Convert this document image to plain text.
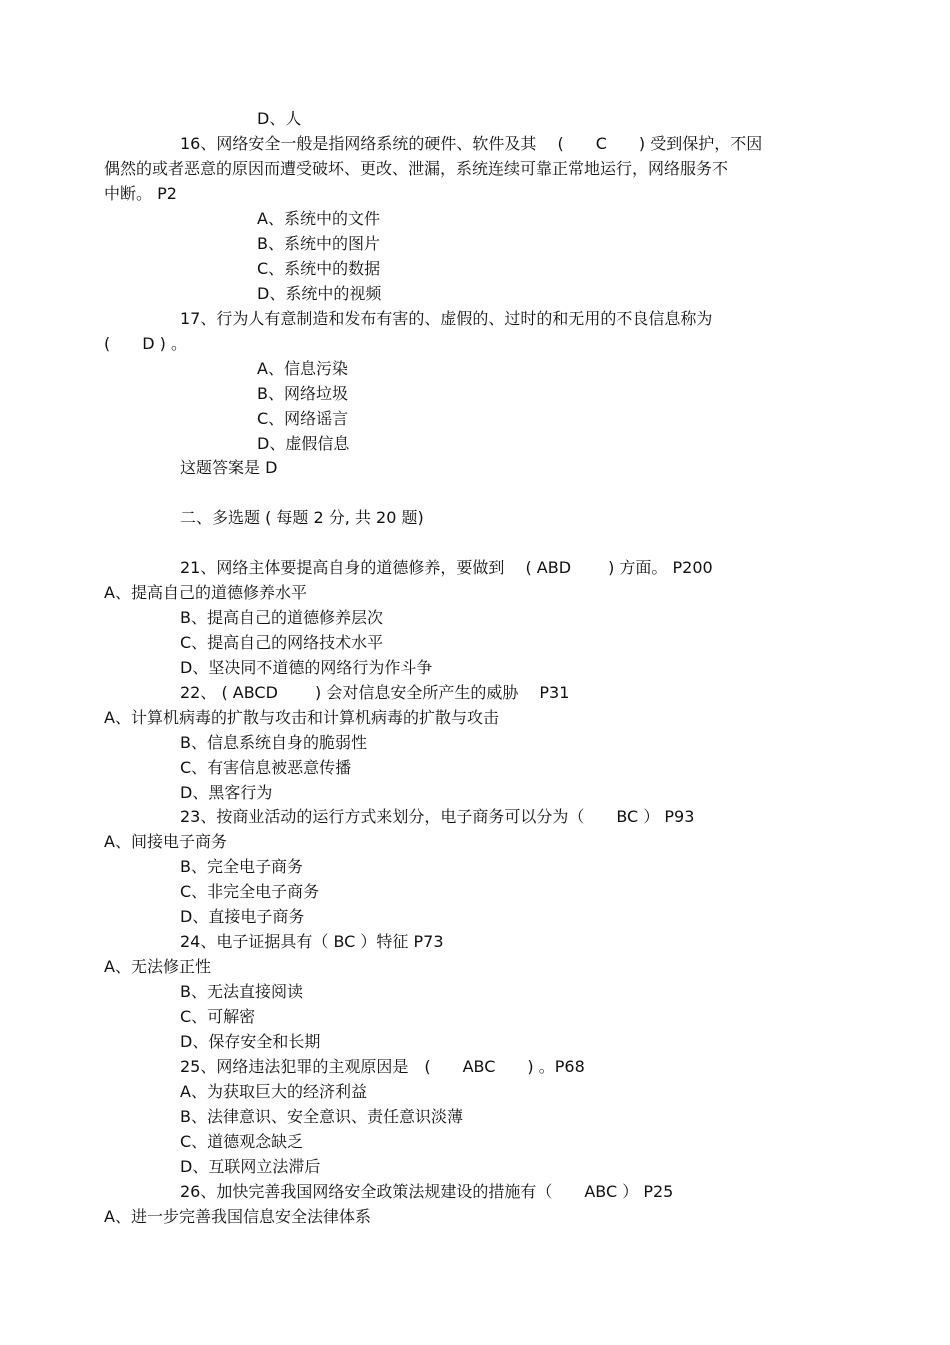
D、人
16、网络安全一般是指网络系统的硬件、软件及其　 (　　C　　) 受到保护，不因
偶然的或者恶意的原因而遭受破坏、更改、泄漏，系统连续可靠正常地运行，网络服务不
中断。 P2
A、系统中的文件
B、系统中的图片
C、系统中的数据
D、系统中的视频
17、行为人有意制造和发布有害的、虚假的、过时的和无用的不良信息称为
(　　D ) 。
A、信息污染
B、网络垃圾
C、网络谣言
D、虚假信息
这题答案是 D
二、多选题 ( 每题 2 分, 共 20 题)
21、网络主体要提高自身的道德修养，要做到　 ( ABD　　 ) 方面。 P200
A、提高自己的道德修养水平
B、提高自己的道德修养层次
C、提高自己的网络技术水平
D、坚决同不道德的网络行为作斗争
22、 ( ABCD　　 ) 会对信息安全所产生的威胁　 P31
A、计算机病毒的扩散与攻击和计算机病毒的扩散与攻击
B、信息系统自身的脆弱性
C、有害信息被恶意传播
D、黑客行为
23、按商业活动的运行方式来划分，电子商务可以分为（　　BC ） P93
A、间接电子商务
B、完全电子商务
C、非完全电子商务
D、直接电子商务
24、电子证据具有（ BC ）特征 P73
A、无法修正性
B、无法直接阅读
C、可解密
D、保存安全和长期
25、网络违法犯罪的主观原因是　(　　ABC　　) 。P68
A、为获取巨大的经济利益
B、法律意识、安全意识、责任意识淡薄
C、道德观念缺乏
D、互联网立法滞后
26、加快完善我国网络安全政策法规建设的措施有（　　ABC ） P25
A、进一步完善我国信息安全法律体系
